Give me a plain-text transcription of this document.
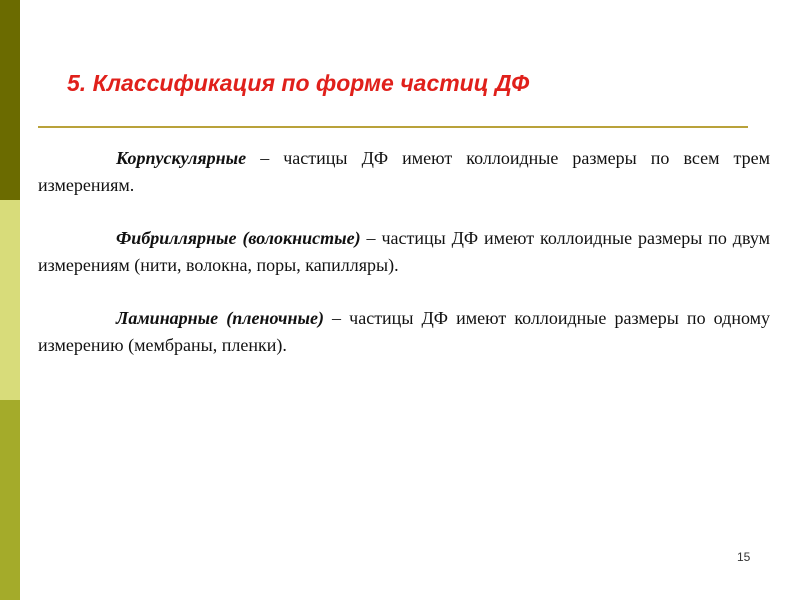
5. Классификация по форме частиц ДФ

Корпускулярные – частицы ДФ имеют коллоидные размеры по всем трем измерениям.

Фибриллярные (волокнистые) – частицы ДФ имеют коллоидные размеры по двум измерениям (нити, волокна, поры, капилляры).

Ламинарные (пленочные) – частицы ДФ имеют коллоидные размеры по одному измерению (мембраны, пленки).

15
